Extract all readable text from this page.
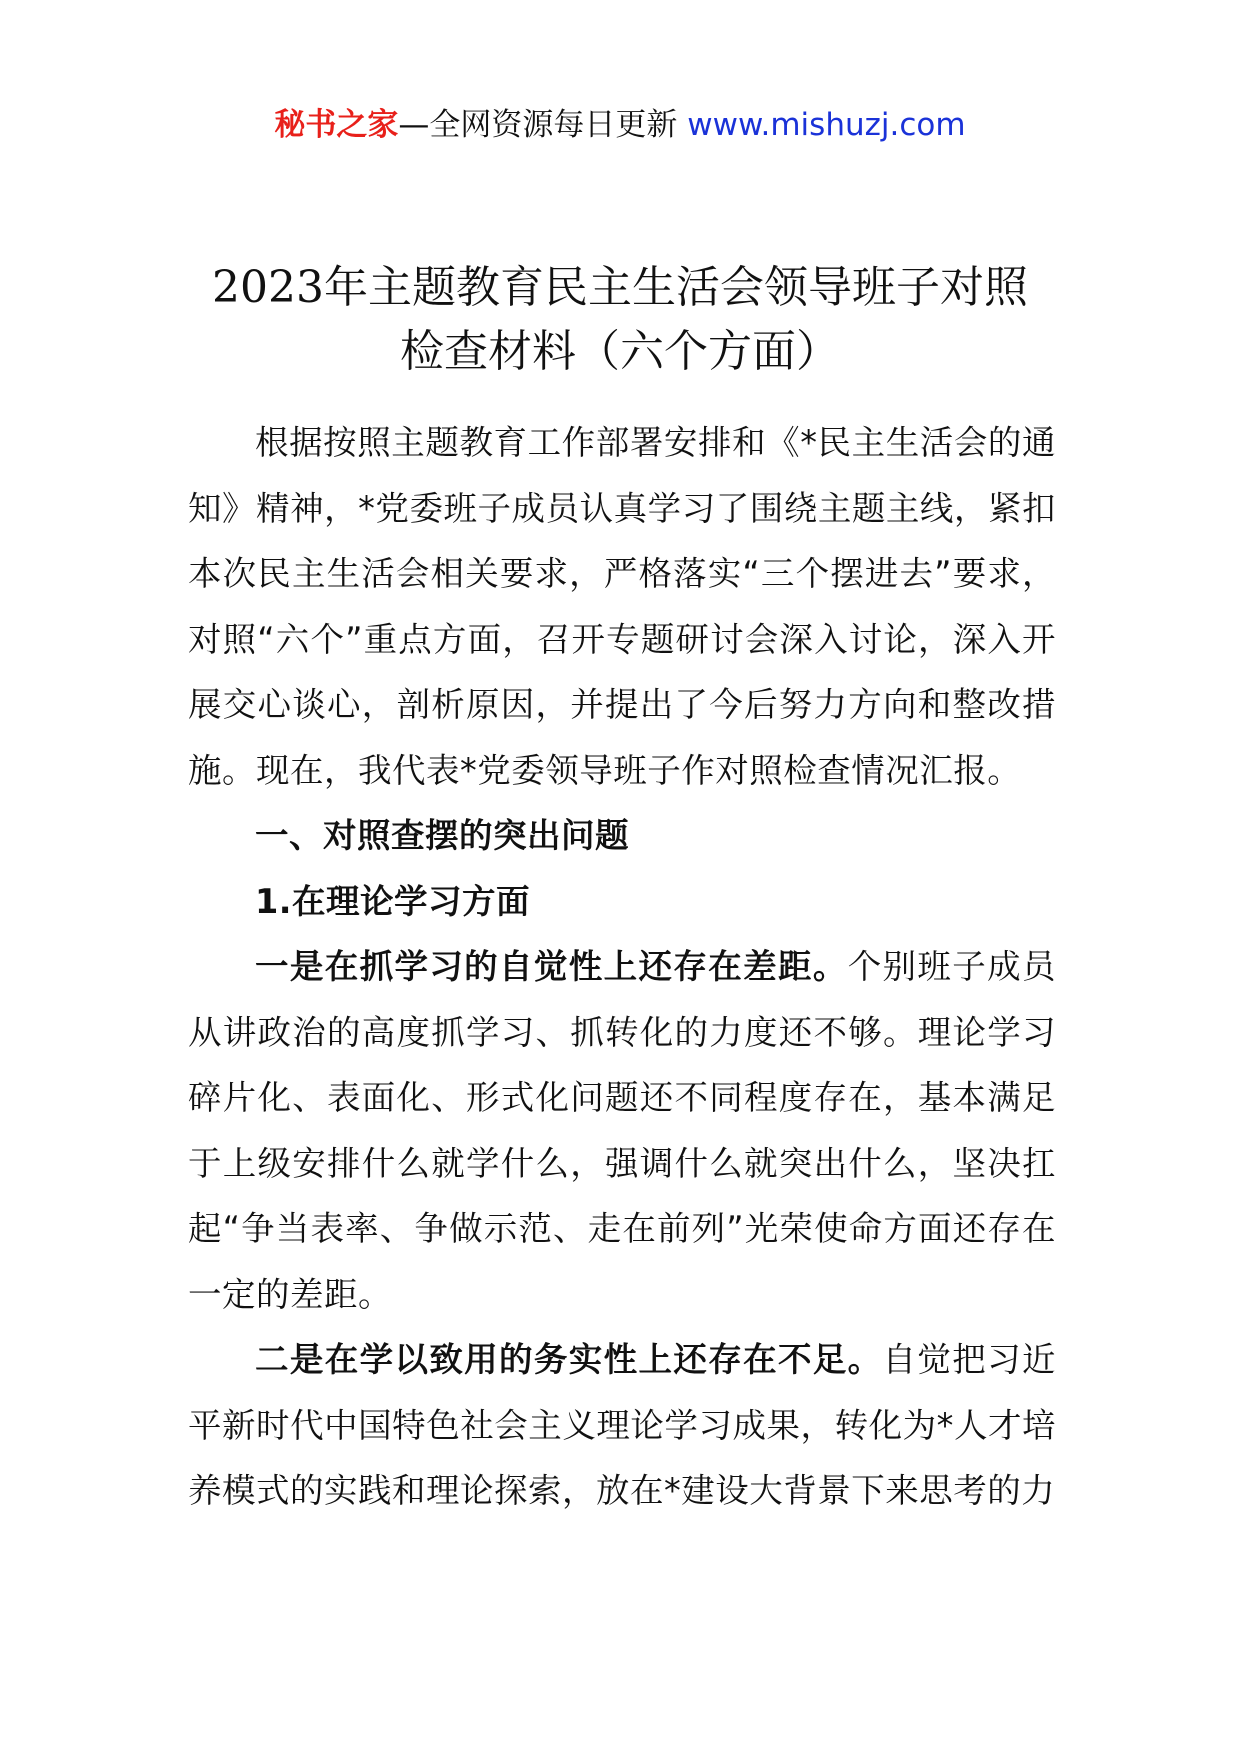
秘书之家—全网资源每日更新 www.mishuzj.com
2023年主题教育民主生活会领导班子对照
检查材料（六个方面）

根据按照主题教育工作部署安排和《*民主生活会的通知》精神，*党委班子成员认真学习了围绕主题主线，紧扣本次民主生活会相关要求，严格落实“三个摆进去”要求，对照“六个”重点方面，召开专题研讨会深入讨论，深入开展交心谈心，剖析原因，并提出了今后努力方向和整改措施。现在，我代表*党委领导班子作对照检查情况汇报。

一、对照查摆的突出问题

1.在理论学习方面

一是在抓学习的自觉性上还存在差距。个别班子成员从讲政治的高度抓学习、抓转化的力度还不够。理论学习碎片化、表面化、形式化问题还不同程度存在，基本满足于上级安排什么就学什么，强调什么就突出什么，坚决扛起“争当表率、争做示范、走在前列”光荣使命方面还存在一定的差距。

二是在学以致用的务实性上还存在不足。自觉把习近平新时代中国特色社会主义理论学习成果，转化为*人才培养模式的实践和理论探索，放在*建设大背景下来思考的力
